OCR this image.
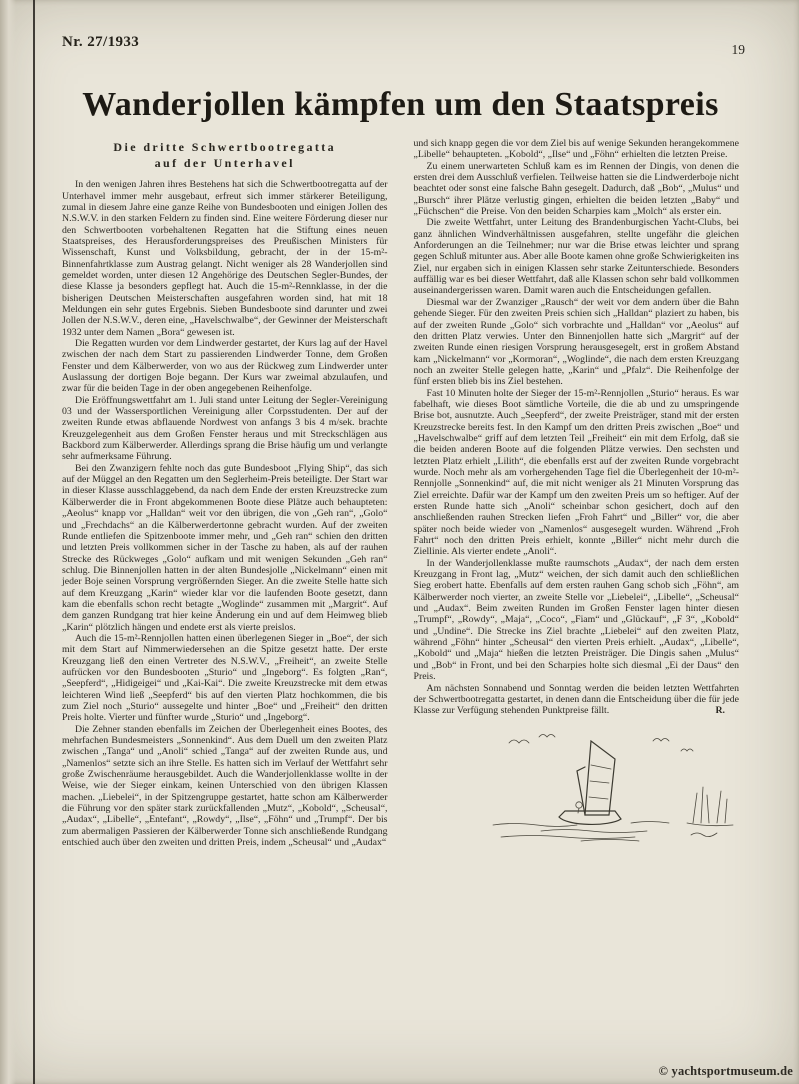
Nr. 27/1933	19
Wanderjollen kämpfen um den Staatspreis
Die dritte Schwertbootregatta
auf der Unterhavel

In den wenigen Jahren ihres Bestehens hat sich die Schwertbootregatta auf der Unterhavel immer mehr ausgebaut, erfreut sich immer stärkerer Beteiligung, zumal in diesem Jahre eine ganze Reihe von Bundesbooten und einigen Jollen des N.S.W.V. in den starken Feldern zu finden sind. Eine weitere Förderung dieser nur den Schwertbooten vorbehaltenen Regatten hat die Stiftung eines neuen Staatspreises, des Herausforderungspreises des Preußischen Ministers für Wissenschaft, Kunst und Volksbildung, gebracht, der in der 15-m²-Binnenfahrtklasse zum Austrag gelangt. Nicht weniger als 28 Wanderjollen sind gemeldet worden, unter diesen 12 Angehörige des Deutschen Segler-Bundes, der diese Klasse ja besonders gepflegt hat. Auch die 15-m²-Rennklasse, in der die bisherigen Deutschen Meisterschaften ausgefahren worden sind, hat mit 18 Meldungen ein sehr gutes Ergebnis. Sieben Bundesboote sind darunter und zwei Jollen der N.S.W.V., deren eine, „Havelschwalbe“, der Gewinner der Meisterschaft 1932 unter dem Namen „Bora“ gewesen ist.

Die Regatten wurden vor dem Lindwerder gestartet, der Kurs lag auf der Havel zwischen der nach dem Start zu passierenden Lindwerder Tonne, dem Großen Fenster und dem Kälberwerder, von wo aus der Rückweg zum Lindwerder unter Auslassung der dortigen Boje begann. Der Kurs war zweimal abzulaufen, und zwar für die beiden Tage in der oben angegebenen Reihenfolge.

Die Eröffnungswettfahrt am 1. Juli stand unter Leitung der Segler-Vereinigung 03 und der Wassersportlichen Vereinigung aller Corpsstudenten. Der auf der zweiten Runde etwas abflauende Nordwest von anfangs 3 bis 4 m/sek. brachte Kreuzgelegenheit aus dem Großen Fenster heraus und mit Streckschlägen aus Backbord zum Kälberwerder. Allerdings sprang die Brise häufig um und verlangte sehr aufmerksame Führung.

Bei den Zwanzigern fehlte noch das gute Bundesboot „Flying Ship“, das sich auf der Müggel an den Regatten um den Seglerheim-Preis beteiligte. Der Start war in dieser Klasse ausschlaggebend, da nach dem Ende der ersten Kreuzstrecke zum Kälberwerder die in Front abgekommenen Boote diese Plätze auch behaupteten: „Aeolus“ knapp vor „Halldan“ weit vor den übrigen, die von „Geh ran“, „Golo“ und „Frechdachs“ an die Kälberwerdertonne gebracht wurden. Auf der zweiten Runde entliefen die Spitzenboote immer mehr, und „Geh ran“ schien den dritten und letzten Preis vollkommen sicher in der Tasche zu haben, als auf der rauhen Strecke des Rückweges „Golo“ aufkam und mit wenigen Sekunden „Geh ran“ schlug. Die Binnenjollen hatten in der alten Bundesjolle „Nickelmann“ einen mit jeder Boje seinen Vorsprung vergrößernden Sieger. An die zweite Stelle hatte sich auf dem Kreuzgang „Karin“ wieder klar vor die laufenden Boote gesetzt, dann kam die ebenfalls schon recht betagte „Woglinde“ zusammen mit „Margrit“. Auf dem ganzen Rundgang trat hier keine Änderung ein und auf dem Heimweg blieb „Karin“ plötzlich hängen und endete erst als vierte preislos.

Auch die 15-m²-Rennjollen hatten einen überlegenen Sieger in „Boe“, der sich mit dem Start auf Nimmerwiedersehen an die Spitze gesetzt hatte. Der erste Kreuzgang ließ den einen Vertreter des N.S.W.V., „Freiheit“, an zweite Stelle aufrücken vor den Bundesbooten „Sturio“ und „Ingeborg“. Es folgten „Ran“, „Seepferd“, „Hidigeigei“ und „Kai-Kai“. Die zweite Kreuzstrecke mit dem etwas leichteren Wind ließ „Seepferd“ bis auf den vierten Platz hochkommen, die bis zum Ziel noch „Sturio“ aussegelte und hinter „Boe“ und „Freiheit“ den dritten Preis holte. Vierter und fünfter wurde „Sturio“ und „Ingeborg“.

Die Zehner standen ebenfalls im Zeichen der Überlegenheit eines Bootes, des mehrfachen Bundesmeisters „Sonnenkind“. Aus dem Duell um den zweiten Platz zwischen „Tanga“ und „Anoli“ schied „Tanga“ auf der zweiten Runde aus, und „Namenlos“ setzte sich an ihre Stelle. Es hatten sich im Verlauf der Wettfahrt sehr große Zwischenräume herausgebildet. Auch die Wanderjollenklasse wollte in der Weise, wie der Sieger einkam, keinen Unterschied von den übrigen Klassen machen. „Liebelei“, in der Spitzengruppe gestartet, hatte schon am Kälberwerder die Führung vor den später stark zurückfallenden „Mutz“, „Kobold“, „Scheusal“, „Audax“, „Libelle“, „Entefant“, „Rowdy“, „Ilse“, „Föhn“ und „Trumpf“. Der bis zum abermaligen Passieren der Kälberwerder Tonne sich anschließende Rundgang entschied auch über den zweiten und dritten Preis, indem „Scheusal“ und „Audax“

und sich knapp gegen die vor dem Ziel bis auf wenige Sekunden herangekommene „Libelle“ behaupteten. „Kobold“, „Ilse“ und „Föhn“ erhielten die letzten Preise.

Zu einem unerwarteten Schluß kam es im Rennen der Dingis, von denen die ersten drei dem Ausschluß verfielen. Teilweise hatten sie die Lindwerderboje nicht beachtet oder sonst eine falsche Bahn gesegelt. Dadurch, daß „Bob“, „Mulus“ und „Bursch“ ihrer Plätze verlustig gingen, erhielten die beiden letzten „Baby“ und „Füchschen“ die Preise. Von den beiden Scharpies kam „Molch“ als erster ein.

Die zweite Wettfahrt, unter Leitung des Brandenburgischen Yacht-Clubs, bei ganz ähnlichen Windverhältnissen ausgefahren, stellte ungefähr die gleichen Anforderungen an die Teilnehmer; nur war die Brise etwas leichter und sprang gegen Schluß mitunter aus. Aber alle Boote kamen ohne große Schwierigkeiten ins Ziel, nur ergaben sich in einigen Klassen sehr starke Zeitunterschiede. Besonders auffällig war es bei dieser Wettfahrt, daß alle Klassen schon sehr bald vollkommen auseinandergerissen waren. Damit waren auch die Entscheidungen gefallen.

Diesmal war der Zwanziger „Rausch“ der weit vor dem andern über die Bahn gehende Sieger. Für den zweiten Preis schien sich „Halldan“ plaziert zu haben, bis auf der zweiten Runde „Golo“ sich vorbrachte und „Halldan“ vor „Aeolus“ auf den dritten Platz verwies. Unter den Binnenjollen hatte sich „Margrit“ auf der zweiten Runde einen riesigen Vorsprung herausgesegelt, erst in großem Abstand kam „Nickelmann“ vor „Kormoran“, „Woglinde“, die nach dem ersten Kreuzgang noch an zweiter Stelle gelegen hatte, „Karin“ und „Pfalz“. Die Reihenfolge der fünf ersten blieb bis ins Ziel bestehen.

Fast 10 Minuten holte der Sieger der 15-m²-Rennjollen „Sturio“ heraus. Es war fabelhaft, wie dieses Boot sämtliche Vorteile, die die ab und zu umspringende Brise bot, ausnutzte. Auch „Seepferd“, der zweite Preisträger, stand mit der ersten Kreuzstrecke bereits fest. In den Kampf um den dritten Preis zwischen „Boe“ und „Havelschwalbe“ griff auf dem letzten Teil „Freiheit“ ein mit dem Erfolg, daß sie die beiden anderen Boote auf die folgenden Plätze verwies. Den sechsten und letzten Platz erhielt „Lilith“, die ebenfalls erst auf der zweiten Runde vorgebracht wurde. Noch mehr als am vorhergehenden Tage fiel die Überlegenheit der 10-m²-Rennjolle „Sonnenkind“ auf, die mit nicht weniger als 21 Minuten Vorsprung das Ziel erreichte. Dafür war der Kampf um den zweiten Preis um so heftiger. Auf der ersten Runde hatte sich „Anoli“ scheinbar schon gesichert, doch auf den anschließenden rauhen Strecken liefen „Froh Fahrt“ und „Biller“ vor, die aber später noch beide wieder von „Namenlos“ ausgesegelt wurden. Während „Froh Fahrt“ noch den dritten Preis erhielt, konnte „Biller“ nicht mehr durch die Ziellinie. Als vierter endete „Anoli“.

In der Wanderjollenklasse mußte raumschots „Audax“, der nach dem ersten Kreuzgang in Front lag, „Mutz“ weichen, der sich damit auch den schließlichen Sieg erobert hatte. Ebenfalls auf dem ersten rauhen Gang schob sich „Föhn“, am Kälberwerder noch vierter, an zweite Stelle vor „Liebelei“, „Libelle“, „Scheusal“ und „Audax“. Beim zweiten Runden im Großen Fenster lagen hinter diesen „Trumpf“, „Rowdy“, „Maja“, „Coco“, „Fiam“ und „Glückauf“, „F 3“, „Kobold“ und „Undine“. Die Strecke ins Ziel brachte „Liebelei“ auf den zweiten Platz, während „Föhn“ hinter „Scheusal“ den vierten Preis erhielt. „Audax“, „Libelle“, „Kobold“ und „Maja“ hießen die letzten Preisträger. Die Dingis sahen „Mulus“ und „Bob“ in Front, und bei den Scharpies holte sich diesmal „Ei der Daus“ den Preis.

Am nächsten Sonnabend und Sonntag werden die beiden letzten Wettfahrten der Schwertbootregatta gestartet, in denen dann die Entscheidung über die für jede Klasse zur Verfügung stehenden Punktpreise fällt.	R.

© yachtsportmuseum.de
